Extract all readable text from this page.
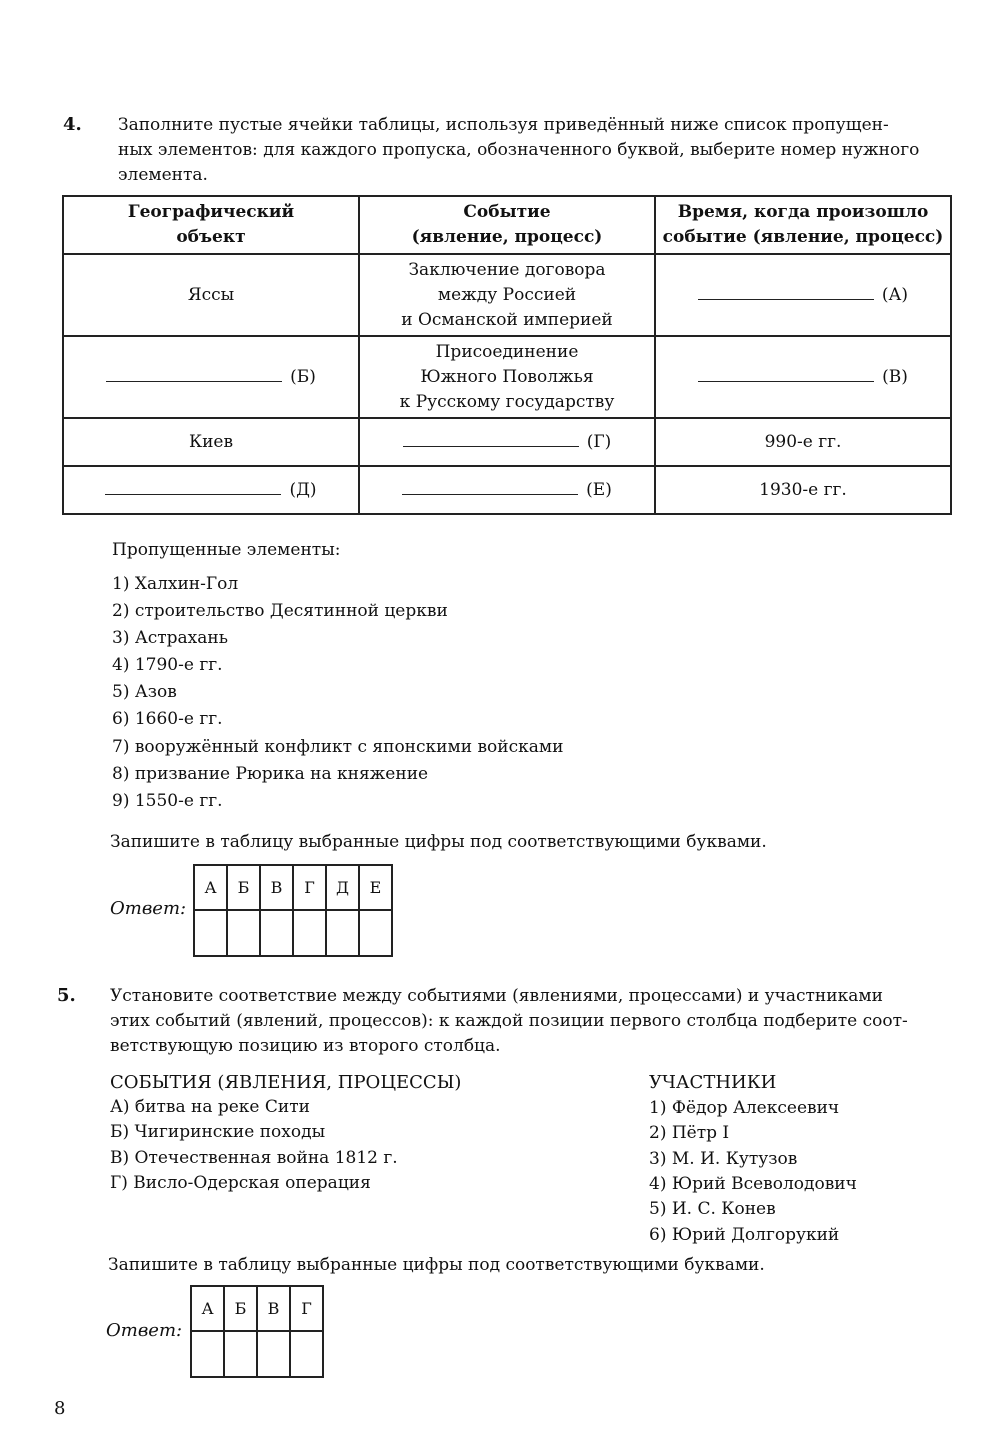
4. Заполните пустые ячейки таблицы, используя приведённый ниже список пропущен-
ных элементов: для каждого пропуска, обозначенного буквой, выберите номер нужного
элемента.
Географический
объект	Событие
(явление, процесс)	Время, когда произошло
событие (явление, процесс)

Яссы	Заключение договора
между Россией
и Османской империей	(А)
(Б)	Присоединение
Южного Поволжья
к Русскому государству	(В)
Киев	(Г)	990-е гг.
(Д)	(Е)	1930-е гг.
Пропущенные элементы:
1) Халхин-Гол
2) строительство Десятинной церкви
3) Астрахань
4) 1790-е гг.
5) Азов
6) 1660-е гг.
7) вооружённый конфликт с японскими войсками
8) призвание Рюрика на княжение
9) 1550-е гг.
Запишите в таблицу выбранные цифры под соответствующими буквами.
Ответ:
А	Б	В	Г	Д	Е

5. Установите соответствие между событиями (явлениями, процессами) и участниками
этих событий (явлений, процессов): к каждой позиции первого столбца подберите соот-
ветствующую позицию из второго столбца.
СОБЫТИЯ (ЯВЛЕНИЯ, ПРОЦЕССЫ)
А) битва на реке Сити
Б) Чигиринские походы
В) Отечественная война 1812 г.
Г) Висло-Одерская операция
УЧАСТНИКИ
1) Фёдор Алексеевич
2) Пётр I
3) М. И. Кутузов
4) Юрий Всеволодович
5) И. С. Конев
6) Юрий Долгорукий
Запишите в таблицу выбранные цифры под соответствующими буквами.
Ответ:
А	Б	В	Г

8
